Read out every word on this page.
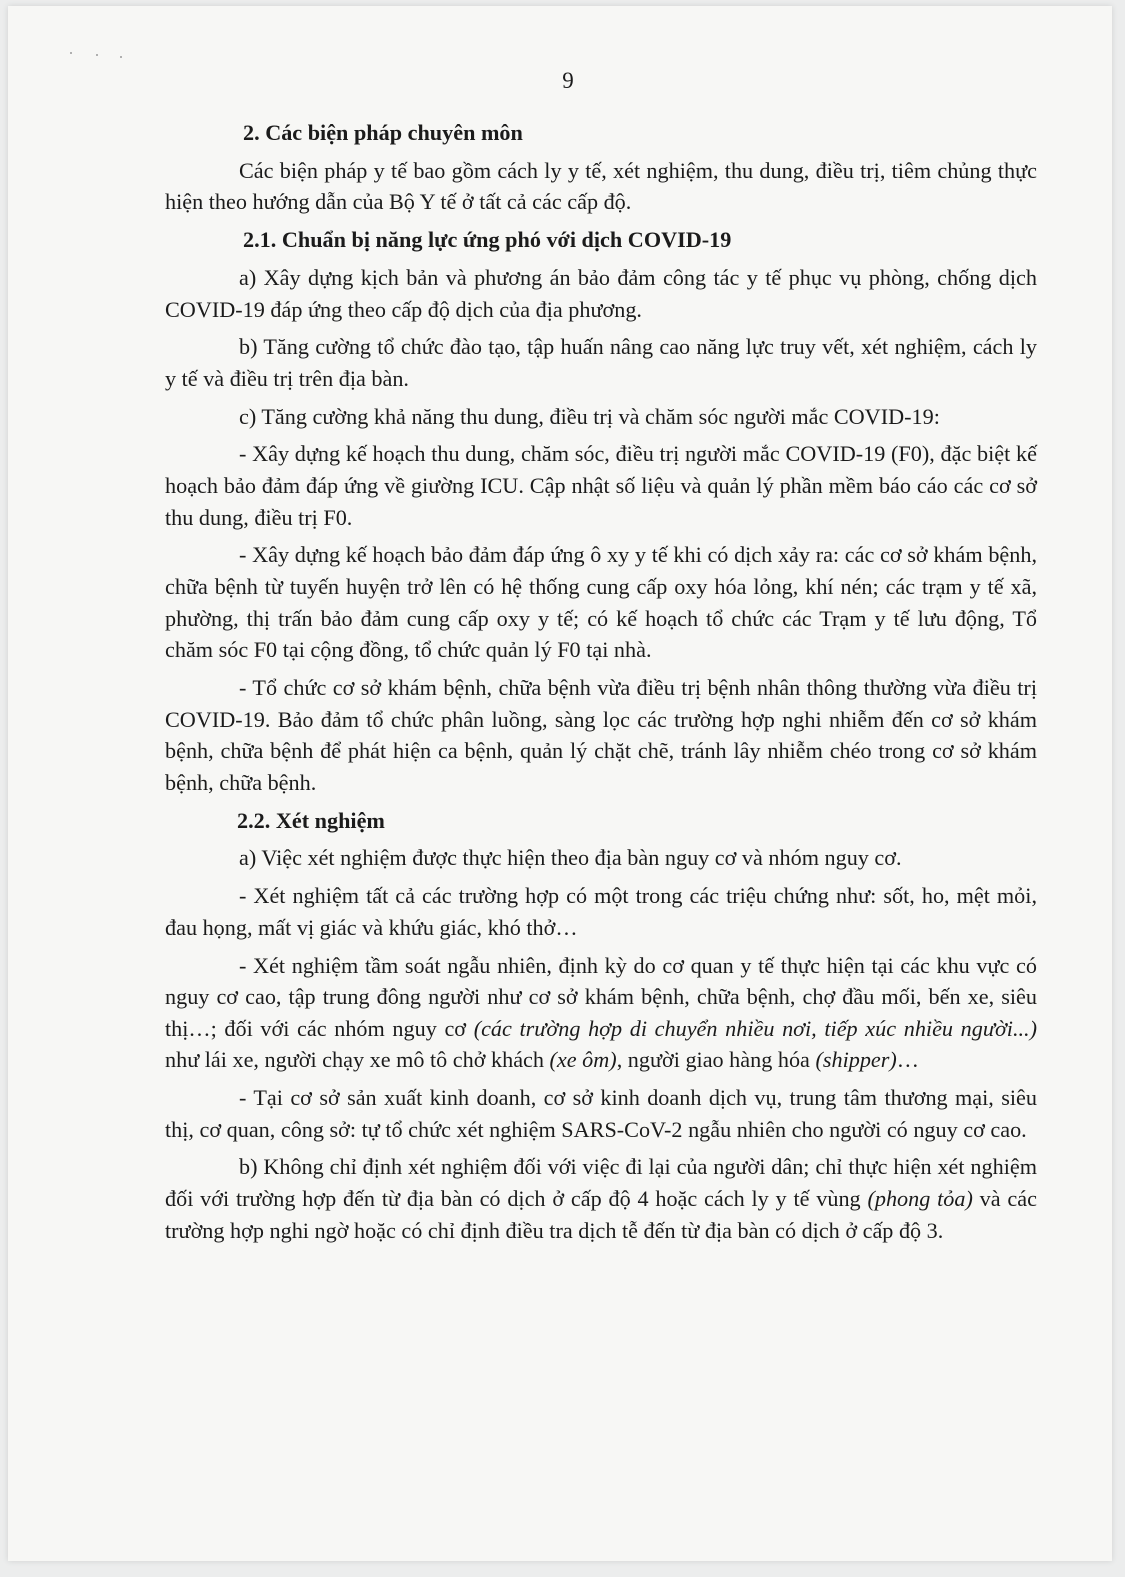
9

2. Các biện pháp chuyên môn

Các biện pháp y tế bao gồm cách ly y tế, xét nghiệm, thu dung, điều trị, tiêm chủng thực hiện theo hướng dẫn của Bộ Y tế ở tất cả các cấp độ.

2.1. Chuẩn bị năng lực ứng phó với dịch COVID-19

a) Xây dựng kịch bản và phương án bảo đảm công tác y tế phục vụ phòng, chống dịch COVID-19 đáp ứng theo cấp độ dịch của địa phương.

b) Tăng cường tổ chức đào tạo, tập huấn nâng cao năng lực truy vết, xét nghiệm, cách ly y tế và điều trị trên địa bàn.

c) Tăng cường khả năng thu dung, điều trị và chăm sóc người mắc COVID-19:

- Xây dựng kế hoạch thu dung, chăm sóc, điều trị người mắc COVID-19 (F0), đặc biệt kế hoạch bảo đảm đáp ứng về giường ICU. Cập nhật số liệu và quản lý phần mềm báo cáo các cơ sở thu dung, điều trị F0.

- Xây dựng kế hoạch bảo đảm đáp ứng ô xy y tế khi có dịch xảy ra: các cơ sở khám bệnh, chữa bệnh từ tuyến huyện trở lên có hệ thống cung cấp oxy hóa lỏng, khí nén; các trạm y tế xã, phường, thị trấn bảo đảm cung cấp oxy y tế; có kế hoạch tổ chức các Trạm y tế lưu động, Tổ chăm sóc F0 tại cộng đồng, tổ chức quản lý F0 tại nhà.

- Tổ chức cơ sở khám bệnh, chữa bệnh vừa điều trị bệnh nhân thông thường vừa điều trị COVID-19. Bảo đảm tổ chức phân luồng, sàng lọc các trường hợp nghi nhiễm đến cơ sở khám bệnh, chữa bệnh để phát hiện ca bệnh, quản lý chặt chẽ, tránh lây nhiễm chéo trong cơ sở khám bệnh, chữa bệnh.

2.2. Xét nghiệm

a) Việc xét nghiệm được thực hiện theo địa bàn nguy cơ và nhóm nguy cơ.

- Xét nghiệm tất cả các trường hợp có một trong các triệu chứng như: sốt, ho, mệt mỏi, đau họng, mất vị giác và khứu giác, khó thở…

- Xét nghiệm tầm soát ngẫu nhiên, định kỳ do cơ quan y tế thực hiện tại các khu vực có nguy cơ cao, tập trung đông người như cơ sở khám bệnh, chữa bệnh, chợ đầu mối, bến xe, siêu thị…; đối với các nhóm nguy cơ (các trường hợp di chuyển nhiều nơi, tiếp xúc nhiều người...) như lái xe, người chạy xe mô tô chở khách (xe ôm), người giao hàng hóa (shipper)…

- Tại cơ sở sản xuất kinh doanh, cơ sở kinh doanh dịch vụ, trung tâm thương mại, siêu thị, cơ quan, công sở: tự tổ chức xét nghiệm SARS-CoV-2 ngẫu nhiên cho người có nguy cơ cao.

b) Không chỉ định xét nghiệm đối với việc đi lại của người dân; chỉ thực hiện xét nghiệm đối với trường hợp đến từ địa bàn có dịch ở cấp độ 4 hoặc cách ly y tế vùng (phong tỏa) và các trường hợp nghi ngờ hoặc có chỉ định điều tra dịch tễ đến từ địa bàn có dịch ở cấp độ 3.
